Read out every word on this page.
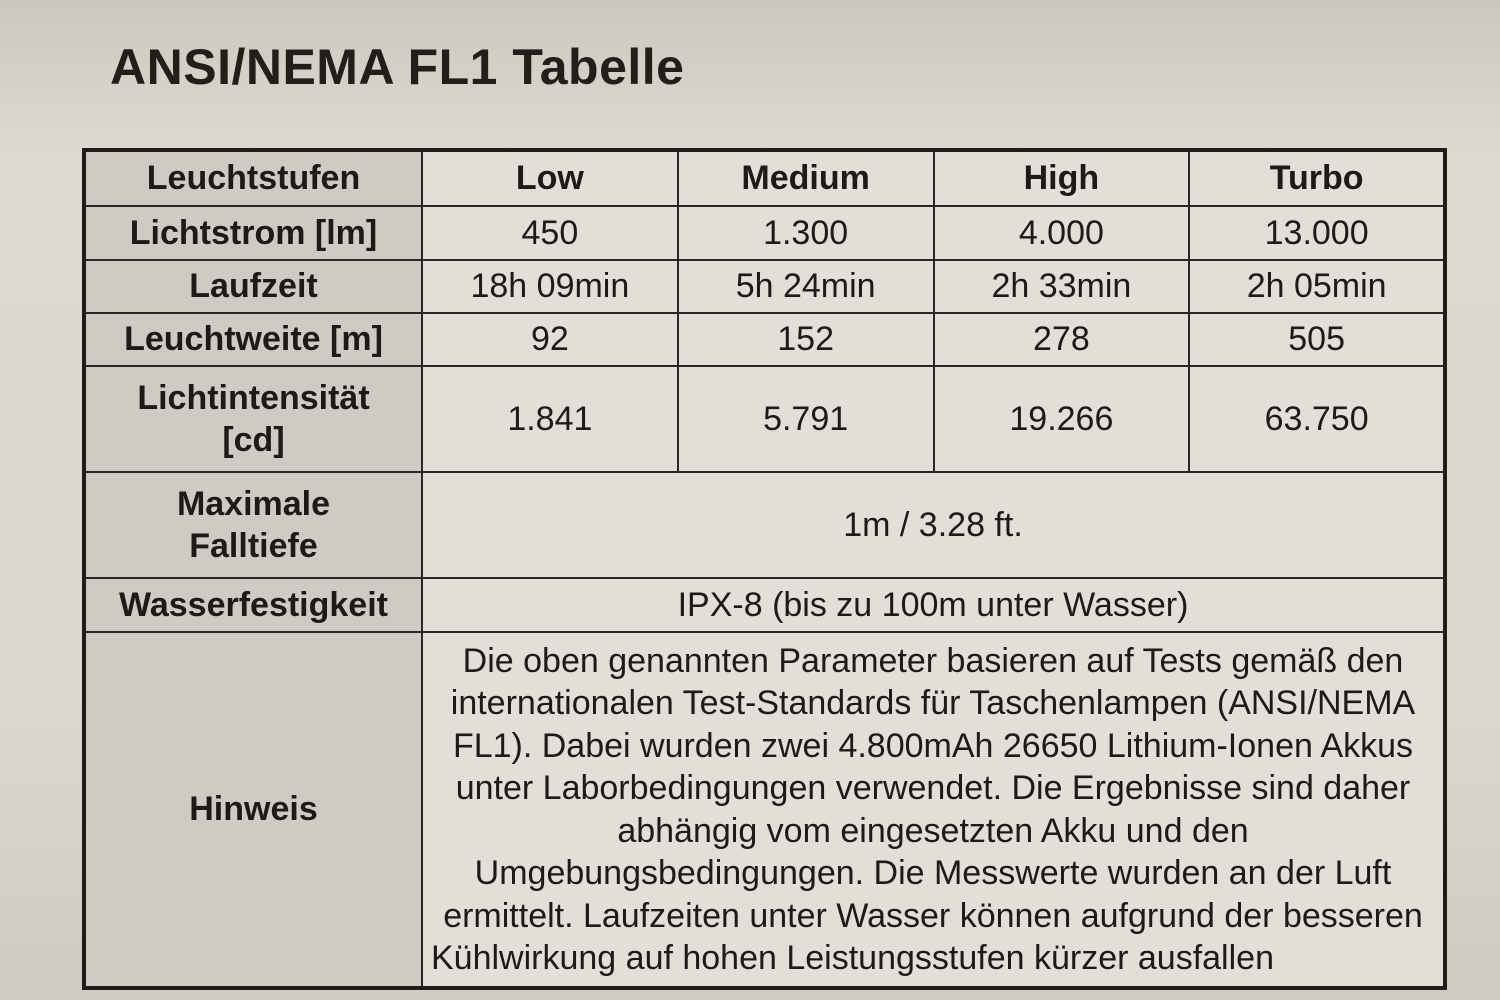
ANSI/NEMA FL1 Tabelle
Leuchtstufen	Low	Medium	High	Turbo
Lichtstrom [lm]	450	1.300	4.000	13.000
Laufzeit	18h 09min	5h 24min	2h 33min	2h 05min
Leuchtweite [m]	92	152	278	505

Lichtintensität
[cd]	1.841	5.791	19.266	63.750

Maximale
Falltiefe	1m / 3.28 ft.			
Wasserfestigkeit	IPX-8 (bis zu 100m unter Wasser)			
Hinweis	Die oben genannten Parameter basieren auf Tests gemäß den internationalen Test-Standards für Taschenlampen (ANSI/NEMA FL1). Dabei wurden zwei 4.800mAh 26650 Lithium-Ionen Akkus unter Laborbedingungen verwendet. Die Ergebnisse sind daher abhängig vom eingesetzten Akku und den Umgebungsbedingungen. Die Messwerte wurden an der Luft ermittelt. Laufzeiten unter Wasser können aufgrund der besseren Kühlwirkung auf hohen Leistungsstufen kürzer ausfallen			
